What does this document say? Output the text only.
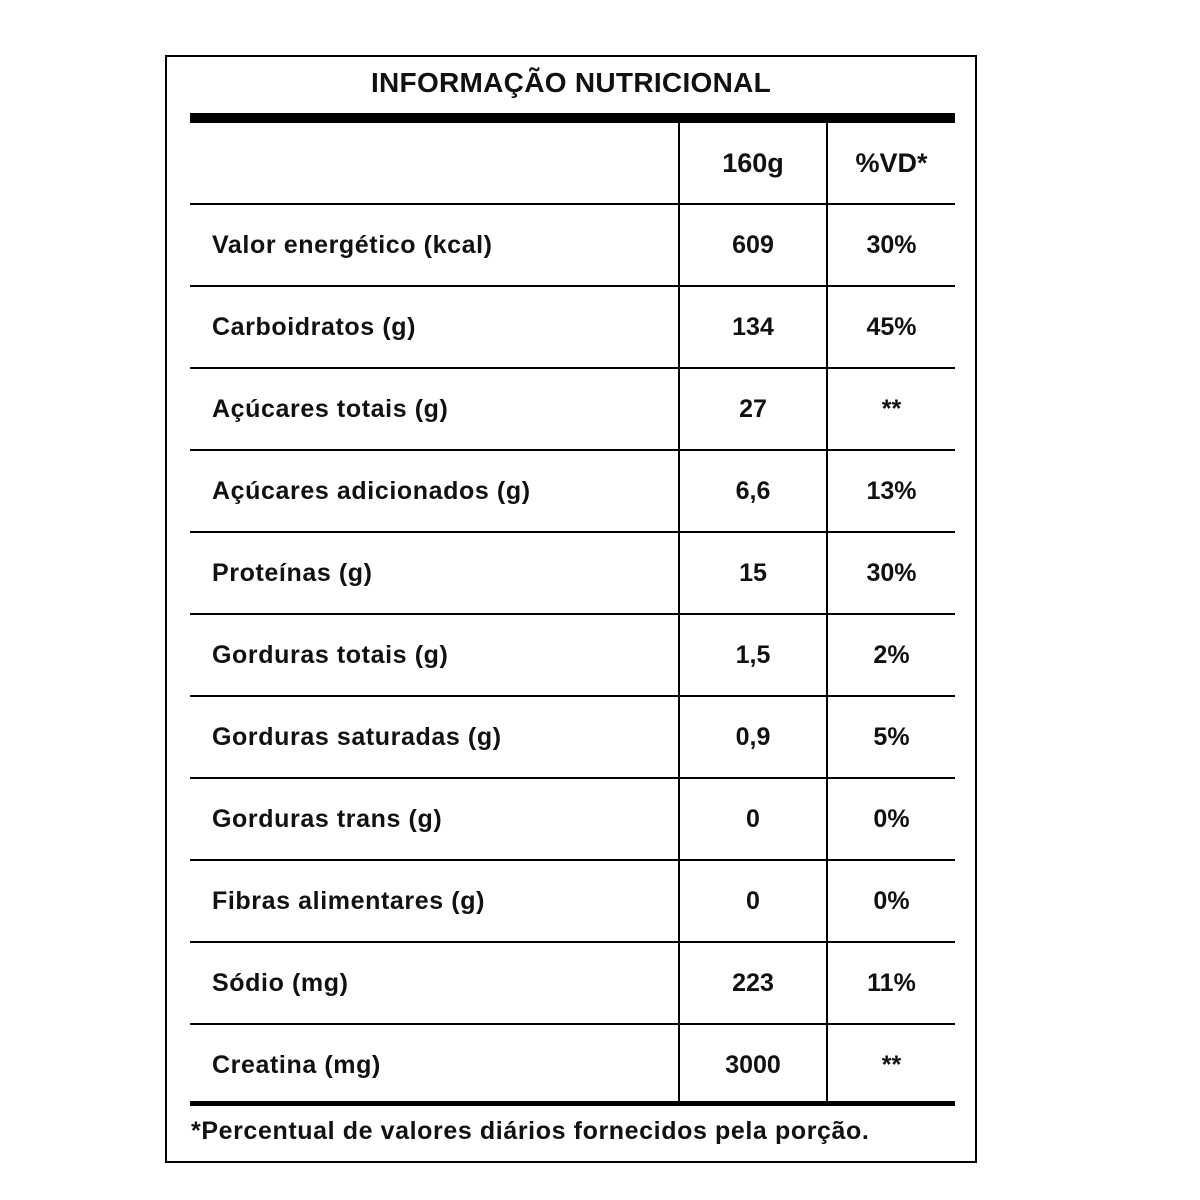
INFORMAÇÃO NUTRICIONAL
	160g	%VD*
Valor energético (kcal)	609	30%
Carboidratos (g)	134	45%
Açúcares totais (g)	27	**
Açúcares adicionados (g)	6,6	13%
Proteínas (g)	15	30%
Gorduras totais (g)	1,5	2%
Gorduras saturadas (g)	0,9	5%
Gorduras trans (g)	0	0%
Fibras alimentares (g)	0	0%
Sódio (mg)	223	11%
Creatina (mg)	3000	**
*Percentual de valores diários fornecidos pela porção.
